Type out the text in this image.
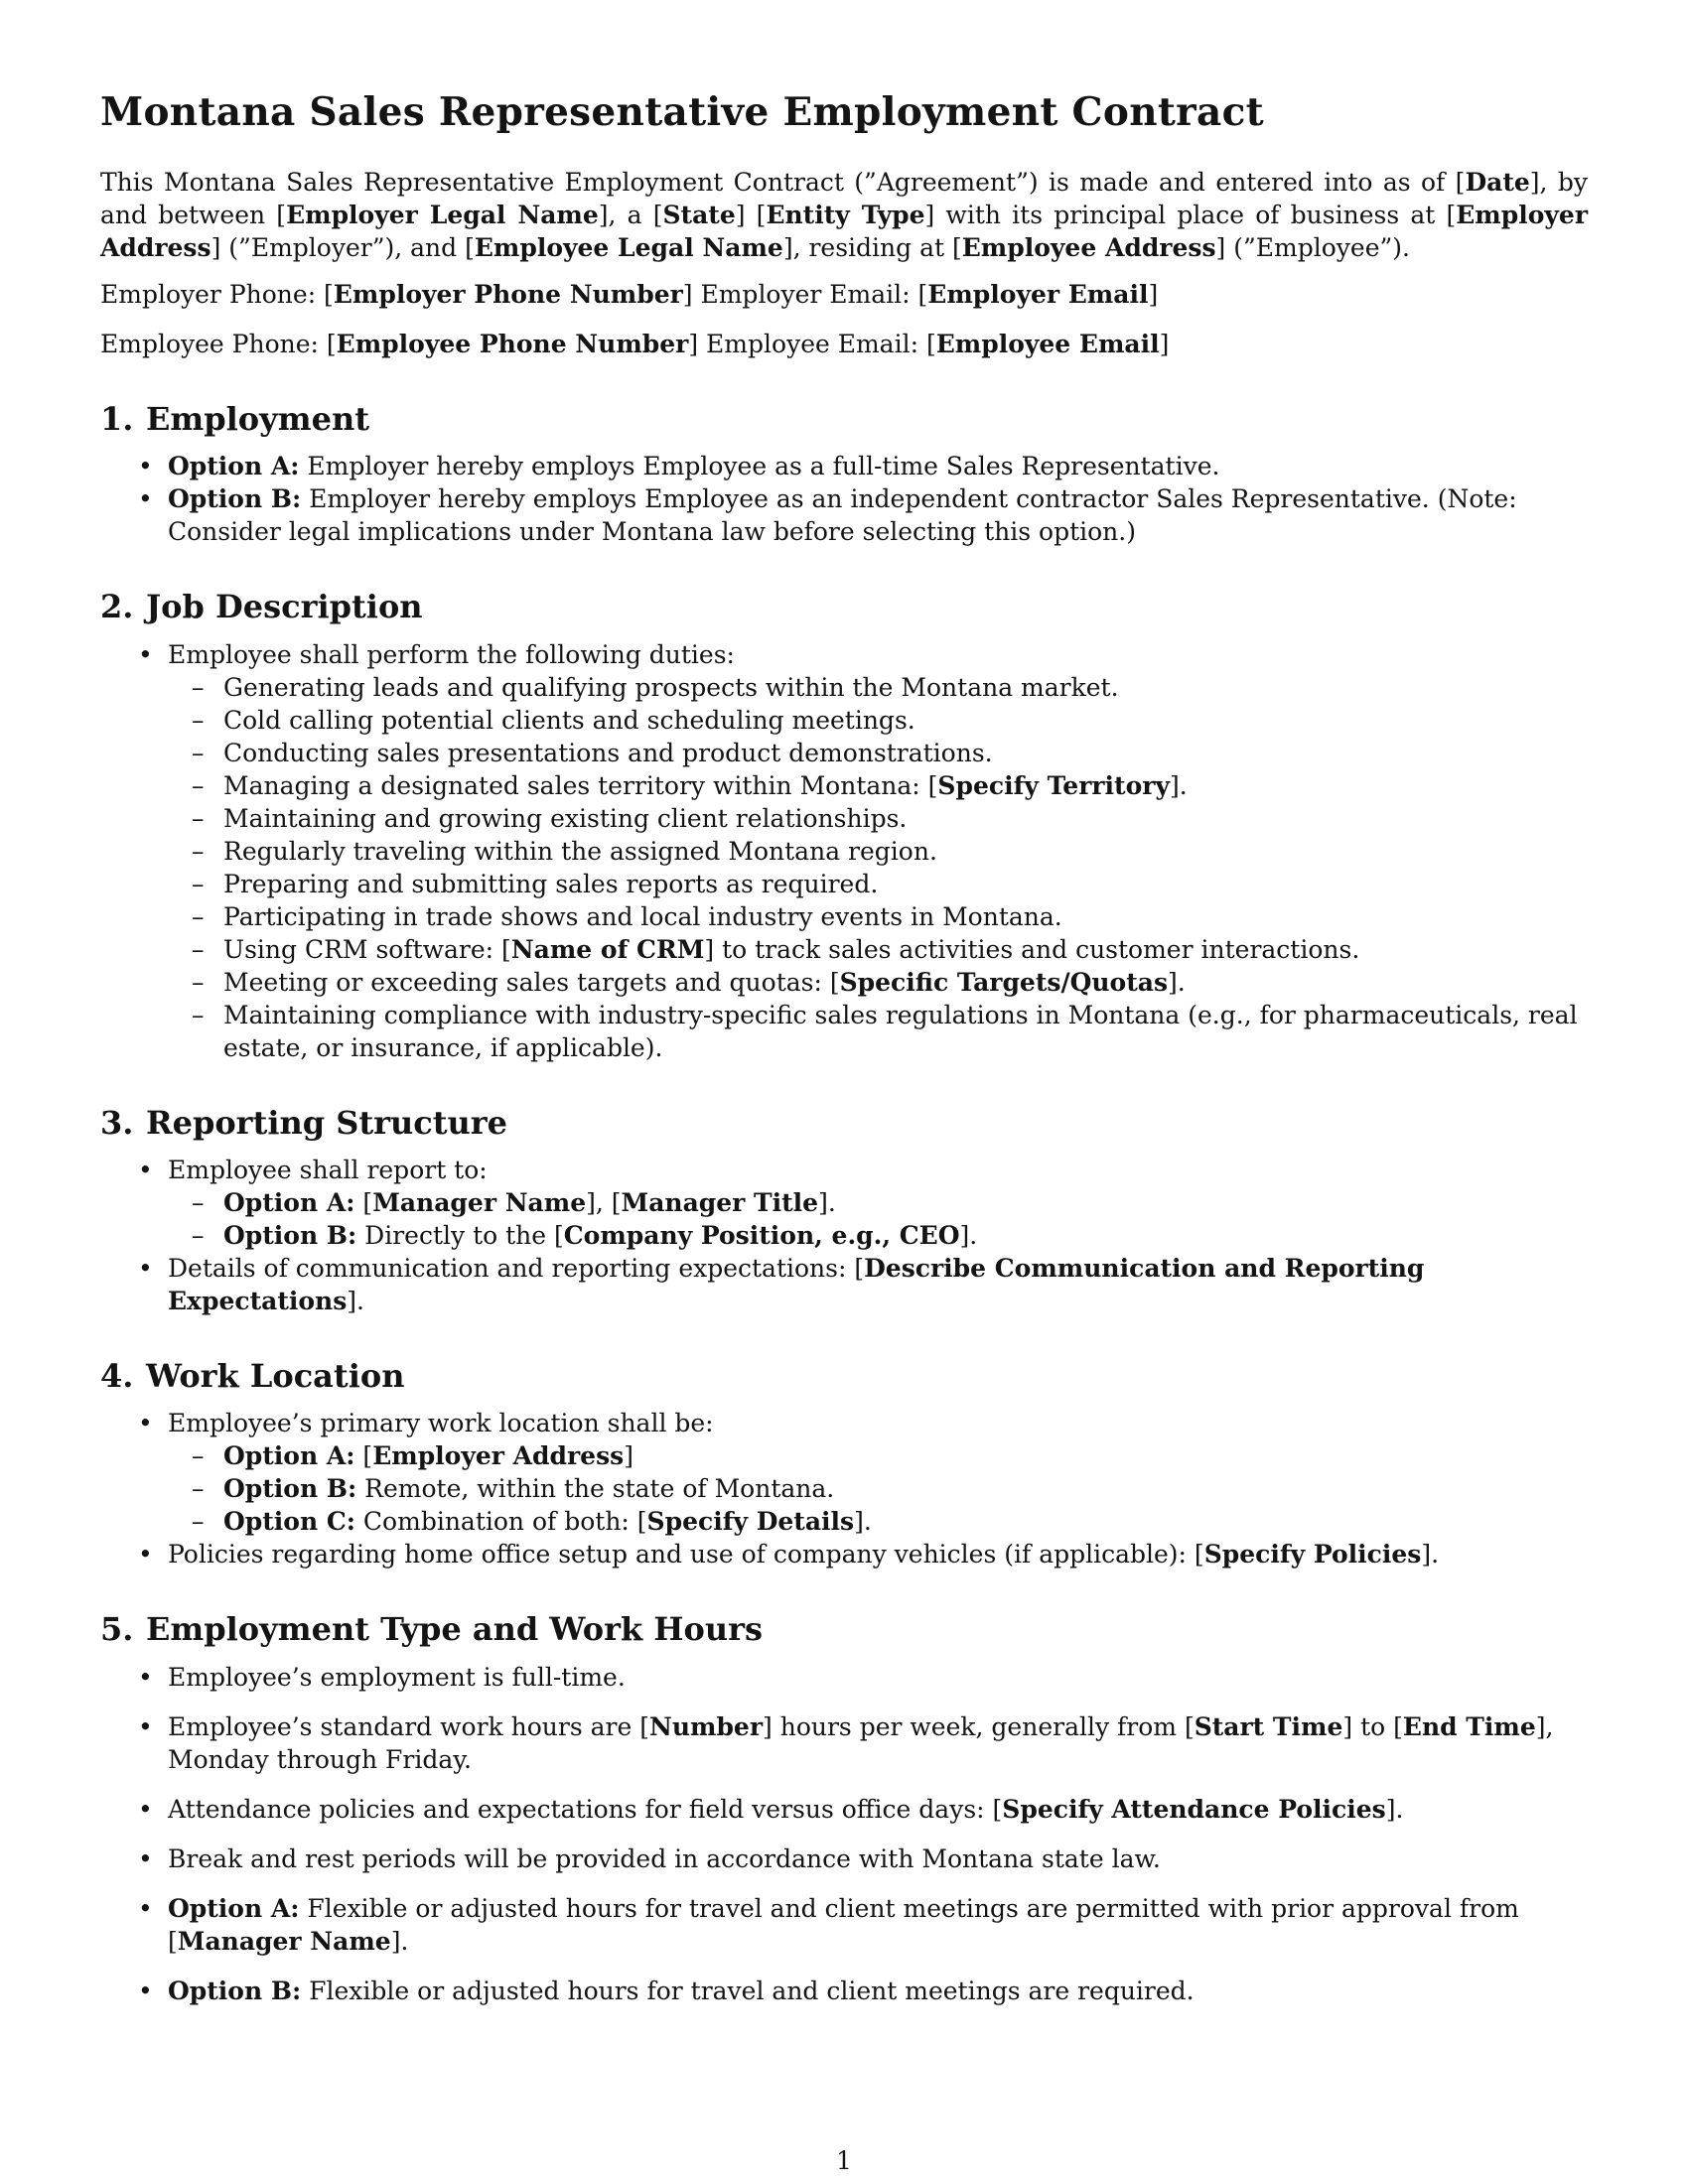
Montana Sales Representative Employment Contract

This Montana Sales Representative Employment Contract (”Agreement”) is made and entered into as of [Date], by and between [Employer Legal Name], a [State] [Entity Type] with its principal place of business at [Employer Address] (”Employer”), and [Employee Legal Name], residing at [Employee Address] (”Employee”).

Employer Phone: [Employer Phone Number] Employer Email: [Employer Email]

Employee Phone: [Employee Phone Number] Employee Email: [Employee Email]

1. Employment
• Option A: Employer hereby employs Employee as a full-time Sales Representative.
• Option B: Employer hereby employs Employee as an independent contractor Sales Representative. (Note: Consider legal implications under Montana law before selecting this option.)
2. Job Description
• Employee shall perform the following duties:
– Generating leads and qualifying prospects within the Montana market.
– Cold calling potential clients and scheduling meetings.
– Conducting sales presentations and product demonstrations.
– Managing a designated sales territory within Montana: [Specify Territory].
– Maintaining and growing existing client relationships.
– Regularly traveling within the assigned Montana region.
– Preparing and submitting sales reports as required.
– Participating in trade shows and local industry events in Montana.
– Using CRM software: [Name of CRM] to track sales activities and customer interactions.
– Meeting or exceeding sales targets and quotas: [Specific Targets/Quotas].
– Maintaining compliance with industry-specific sales regulations in Montana (e.g., for pharmaceuticals, real estate, or insurance, if applicable).
3. Reporting Structure
• Employee shall report to:
– Option A: [Manager Name], [Manager Title].
– Option B: Directly to the [Company Position, e.g., CEO].
• Details of communication and reporting expectations: [Describe Communication and Reporting Expectations].
4. Work Location
• Employee’s primary work location shall be:
– Option A: [Employer Address]
– Option B: Remote, within the state of Montana.
– Option C: Combination of both: [Specify Details].
• Policies regarding home office setup and use of company vehicles (if applicable): [Specify Policies].
5. Employment Type and Work Hours
• Employee’s employment is full-time.
• Employee’s standard work hours are [Number] hours per week, generally from [Start Time] to [End Time], Monday through Friday.
• Attendance policies and expectations for field versus office days: [Specify Attendance Policies].
• Break and rest periods will be provided in accordance with Montana state law.
• Option A: Flexible or adjusted hours for travel and client meetings are permitted with prior approval from [Manager Name].
• Option B: Flexible or adjusted hours for travel and client meetings are required.
1
